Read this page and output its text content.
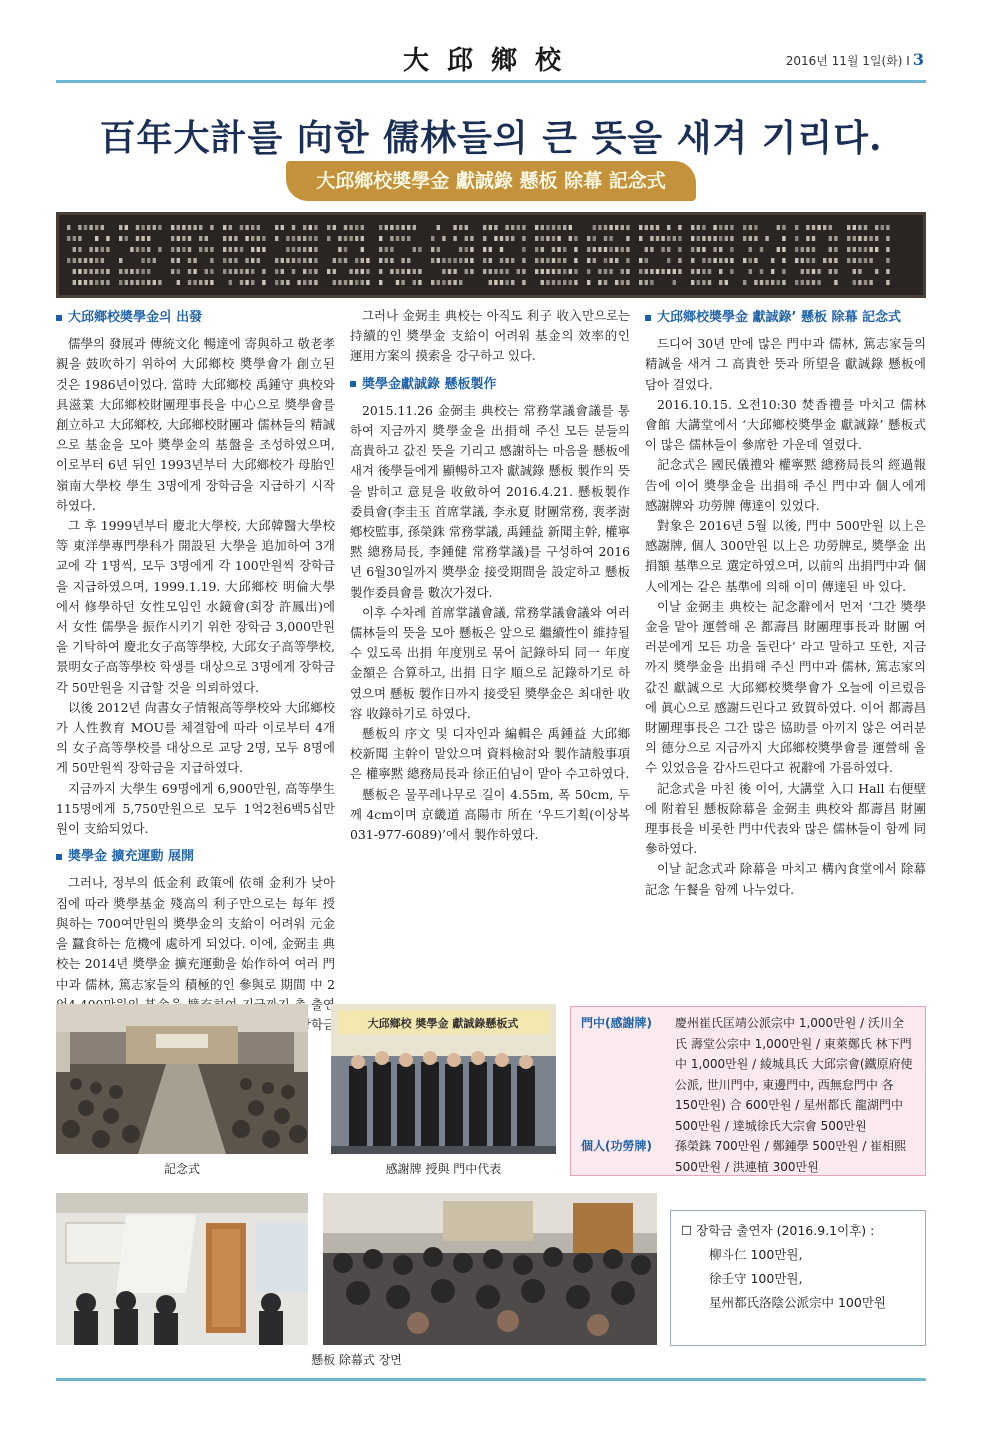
大邱鄉校	2016년 11월 1일(화) I 3
百年大計를 向한 儒林들의 큰 뜻을 새겨 기리다.
大邱鄉校奬學金 獻誠錄 懸板 除幕 記念式
大邱鄉校奬學金의 出發

儒學의 發展과 傳統文化 暢達에 寄與하고 敬老孝親을 鼓吹하기 위하여 大邱鄉校 奬學會가 創立된 것은 1986년이었다. 當時 大邱鄉校 禹鍾守 典校와 具滋業 大邱鄉校財團理事長을 中心으로 奬學會를 創立하고 大邱鄉校, 大邱鄉校財團과 儒林들의 精誠으로 基金을 모아 奬學金의 基盤을 조성하였으며, 이로부터 6년 뒤인 1993년부터 大邱鄉校가 母胎인 嶺南大學校 學生 3명에게 장학금을 지급하기 시작 하였다.

그 후 1999년부터 慶北大學校, 大邱韓醫大學校 等 東洋學專門學科가 開設된 大學을 追加하여 3개교에 각 1명씩, 모두 3명에게 각 100만원씩 장학금을 지급하였으며, 1999.1.19. 大邱鄉校 明倫大學에서 修學하던 女性모임인 水鏡會(회장 許鳳出)에서 女性 儒學을 振作시키기 위한 장학금 3,000만원을 기탁하여 慶北女子高等學校, 大邱女子高等學校, 景明女子高等學校 학생를 대상으로 3명에게 장학금 각 50만원을 지급할 것을 의뢰하였다.

以後 2012년 尙書女子情報高等學校와 大邱鄉校가 人性教育 MOU를 체결함에 따라 이로부터 4개의 女子高等學校를 대상으로 교당 2명, 모두 8명에게 50만원씩 장학금을 지급하였다.

지금까지 大學生 69명에게 6,900만원, 高等學生 115명에게 5,750만원으로 모두 1억2천6백5십만원이 支給되었다.

奬學金 擴充運動 展開

그러나, 정부의 低金利 政策에 依해 金利가 낮아짐에 따라 奬學基金 殘高의 利子만으로는 每年 授與하는 700여만원의 奬學金의 支給이 어려워 元金을 蠶食하는 危機에 處하게 되었다. 이에, 金弼圭 典校는 2014년 奬學金 擴充運動을 始作하여 여러 門中과 儒林, 篤志家들의 積極的인 參與로 期間 中 2 출연 장학금

그러나 金弼圭 典校는 아직도 利子 收入만으로는 持續的인 奬學金 支給이 어려워 基金의 效率的인 運用方案의 摸索을 강구하고 있다.

奬學金獻誠錄 懸板製作

2015.11.26 金弼圭 典校는 常務掌議會議를 통하여 지금까지 奬學金을 出捐해 주신 모든 분들의 高貴하고 값진 뜻을 기리고 感謝하는 마음을 懸板에 새겨 後學들에게 顯暢하고자 獻誠錄 懸板 製作의 뜻을 밝히고 意見을 收斂하여 2016.4.21. 懸板製作委員會(李圭玉 首席掌議, 李永夏 財團常務, 裵孝澍 鄕校監事, 孫榮銖 常務掌議, 禹鍾益 新聞主幹, 權寧黙 總務局長, 李鍾健 常務掌議)를 구성하여 2016년 6월30일까지 奬學金 接受期間을 設定하고 懸板製作委員會를 數次가졌다.

이후 수차례 首席掌議會議, 常務掌議會議와 여러 儒林들의 뜻을 모아 懸板은 앞으로 繼續性이 維持될 수 있도록 出捐 年度別로 묶어 記錄하되 同一 年度 金額은 合算하고, 出捐 日字 順으로 記錄하기로 하였으며 懸板 製作日까지 接受된 奬學金은 최대한 收容 收錄하기로 하였다.

懸板의 序文 및 디자인과 編輯은 禹鍾益 大邱鄉校新聞 主幹이 맡았으며 資料檢討와 製作請般事項은 權寧黙 總務局長과 徐正伯님이 맡아 수고하였다.

懸板은 물푸레나무로 길이 4.55m, 폭 50cm, 두께 4cm이며 京畿道 高陽市 所在 ‘우드기획(이상복 031-977-6089)’에서 製作하였다.

大邱鄉校奬學金 獻誠錄’ 懸板 除幕 記念式

드디어 30년 만에 많은 門中과 儒林, 篤志家들의 精誠을 새겨 그 高貴한 뜻과 所望을 獻誠錄 懸板에 담아 걸었다.

2016.10.15. 오전10:30 焚香禮를 마치고 儒林會館 大講堂에서 ‘大邱鄉校奬學金 獻誠錄’ 懸板式이 많은 儒林들이 參席한 가운데 열렸다.

記念式은 國民儀禮와 權寧黙 總務局長의 經過報告에 이어 奬學金을 出捐해 주신 門中과 個人에게 感謝牌와 功勞牌 傳達이 있었다.

對象은 2016년 5월 以後, 門中 500만원 以上은 感謝牌, 個人 300만원 以上은 功勞牌로, 奬學金 出捐額 基準으로 選定하였으며, 以前의 出捐門中과 個人에게는 같은 基準에 의해 이미 傳達된 바 있다.

이날 金弼圭 典校는 記念辭에서 먼저 ‘그간 奬學金을 맡아 運營해 온 都壽昌 財團理事長과 財團 여러분에게 모든 功을 돌린다’ 라고 말하고 또한, 지금까지 奬學金을 出捐해 주신 門中과 儒林, 篤志家의 값진 獻誠으로 大邱鄉校奬學會가 오늘에 이르렀음에 眞心으로 感謝드린다고 致賀하였다. 이어 都壽昌 財團理事長은 그간 많은 協助를 아끼지 않은 여러분의 德分으로 지금까지 大邱鄉校奬學會를 運營해 올 수 있었음을 감사드린다고 祝辭에 가름하였다.

記念式을 마친 後 이어, 大講堂 入口 Hall 右便壁에 附着된 懸板除幕을 金弼圭 典校와 都壽昌 財團理事長을 비롯한 門中代表와 많은 儒林들이 함께 同參하였다.

이날 記念式과 除幕을 마치고 構內食堂에서 除幕 記念 午餐을 함께 나누었다.

記念式
大邱鄉校 奬學金 獻誠錄懸板式
感謝牌 授與 門中代表
門中(感謝牌)	慶州崔氏匡靖公派宗中 1,000만원 / 沃川全氏 壽堂公宗中 1,000만원 / 東萊鄭氏 林下門中 1,000만원 / 綾城具氏 大邱宗會(鐵原府使公派, 世川門中, 東邊門中, 西無怠門中 各 150만원) 合 600만원 / 星州都氏 龍湖門中 500만원 / 達城徐氏大宗會 500만원
個人(功勞牌)	孫榮銖 700만원 / 鄭鍾學 500만원 / 崔相熙 500만원 / 洪連植 300만원
懸板 除幕式 장면
☐ 장학금 출연자 (2016.9.1이후) :
柳斗仁 100만원,
徐壬守 100만원,
星州都氏洛陰公派宗中 100만원
